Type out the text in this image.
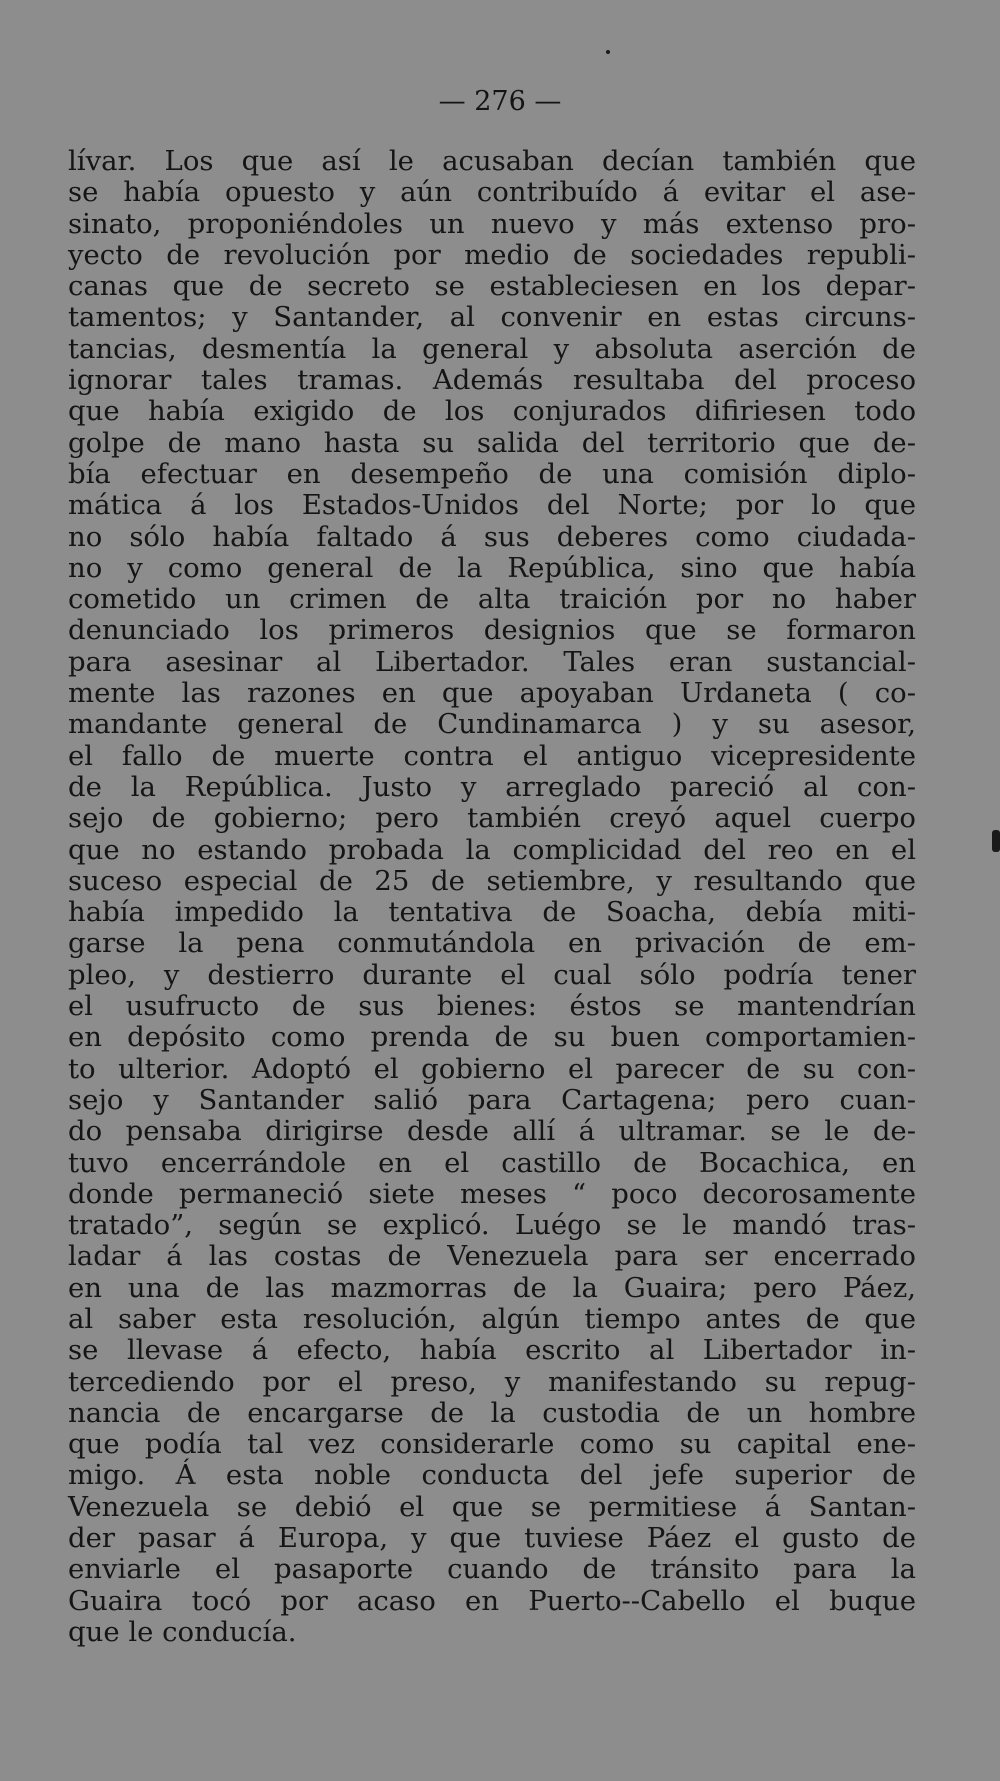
— 276 —
lívar. Los que así le acusaban decían también que
se había opuesto y aún contribuído á evitar el ase-
sinato, proponiéndoles un nuevo y más extenso pro-
yecto de revolución por medio de sociedades republi-
canas que de secreto se estableciesen en los depar-
tamentos; y Santander, al convenir en estas circuns-
tancias, desmentía la general y absoluta aserción de
ignorar tales tramas. Además resultaba del proceso
que había exigido de los conjurados difiriesen todo
golpe de mano hasta su salida del territorio que de-
bía efectuar en desempeño de una comisión diplo-
mática á los Estados-Unidos del Norte; por lo que
no sólo había faltado á sus deberes como ciudada-
no y como general de la República, sino que había
cometido un crimen de alta traición por no haber
denunciado los primeros designios que se formaron
para asesinar al Libertador. Tales eran sustancial-
mente las razones en que apoyaban Urdaneta ( co-
mandante general de Cundinamarca ) y su asesor,
el fallo de muerte contra el antiguo vicepresidente
de la República. Justo y arreglado pareció al con-
sejo de gobierno; pero también creyó aquel cuerpo
que no estando probada la complicidad del reo en el
suceso especial de 25 de setiembre, y resultando que
había impedido la tentativa de Soacha, debía miti-
garse la pena conmutándola en privación de em-
pleo, y destierro durante el cual sólo podría tener
el usufructo de sus bienes: éstos se mantendrían
en depósito como prenda de su buen comportamien-
to ulterior. Adoptó el gobierno el parecer de su con-
sejo y Santander salió para Cartagena; pero cuan-
do pensaba dirigirse desde allí á ultramar. se le de-
tuvo encerrándole en el castillo de Bocachica, en
donde permaneció siete meses “ poco decorosamente
tratado”, según se explicó. Luégo se le mandó tras-
ladar á las costas de Venezuela para ser encerrado
en una de las mazmorras de la Guaira; pero Páez,
al saber esta resolución, algún tiempo antes de que
se llevase á efecto, había escrito al Libertador in-
tercediendo por el preso, y manifestando su repug-
nancia de encargarse de la custodia de un hombre
que podía tal vez considerarle como su capital ene-
migo. Á esta noble conducta del jefe superior de
Venezuela se debió el que se permitiese á Santan-
der pasar á Europa, y que tuviese Páez el gusto de
enviarle el pasaporte cuando de tránsito para la
Guaira tocó por acaso en Puerto--Cabello el buque
que le conducía.
